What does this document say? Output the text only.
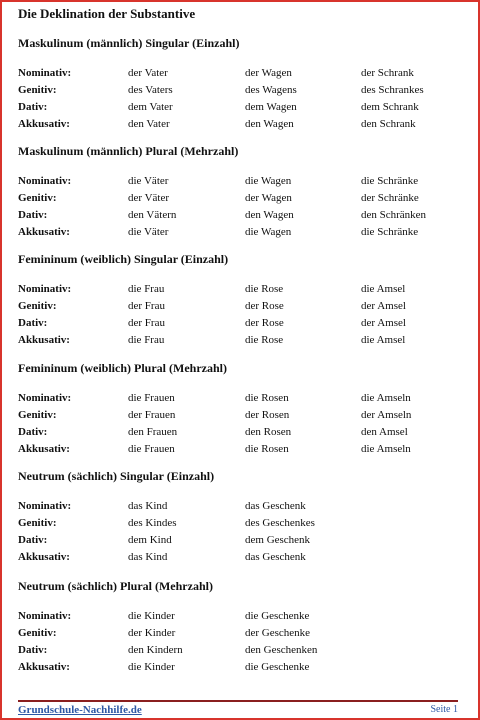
Die Deklination der Substantive
Maskulinum (männlich) Singular (Einzahl)
Nominativ:	der Vater	der Wagen	der Schrank
Genitiv:	des Vaters	des Wagens	des Schrankes
Dativ:	dem Vater	dem Wagen	dem Schrank
Akkusativ:	den Vater	den Wagen	den Schrank
Maskulinum (männlich) Plural (Mehrzahl)
Nominativ:	die Väter	die Wagen	die Schränke
Genitiv:	der Väter	der Wagen	der Schränke
Dativ:	den Vätern	den Wagen	den Schränken
Akkusativ:	die Väter	die Wagen	die Schränke
Femininum (weiblich) Singular (Einzahl)
Nominativ:	die Frau	die Rose	die Amsel
Genitiv:	der Frau	der Rose	der Amsel
Dativ:	der Frau	der Rose	der Amsel
Akkusativ:	die Frau	die Rose	die Amsel
Femininum (weiblich) Plural (Mehrzahl)
Nominativ:	die Frauen	die Rosen	die Amseln
Genitiv:	der Frauen	der Rosen	der Amseln
Dativ:	den Frauen	den Rosen	den Amsel
Akkusativ:	die Frauen	die Rosen	die Amseln
Neutrum (sächlich) Singular (Einzahl)
Nominativ:	das Kind	das Geschenk
Genitiv:	des Kindes	des Geschenkes
Dativ:	dem Kind	dem Geschenk
Akkusativ:	das Kind	das Geschenk
Neutrum (sächlich) Plural (Mehrzahl)
Nominativ:	die Kinder	die Geschenke
Genitiv:	der Kinder	der Geschenke
Dativ:	den Kindern	den Geschenken
Akkusativ:	die Kinder	die Geschenke
Grundschule-Nachhilfe.de	Seite 1
